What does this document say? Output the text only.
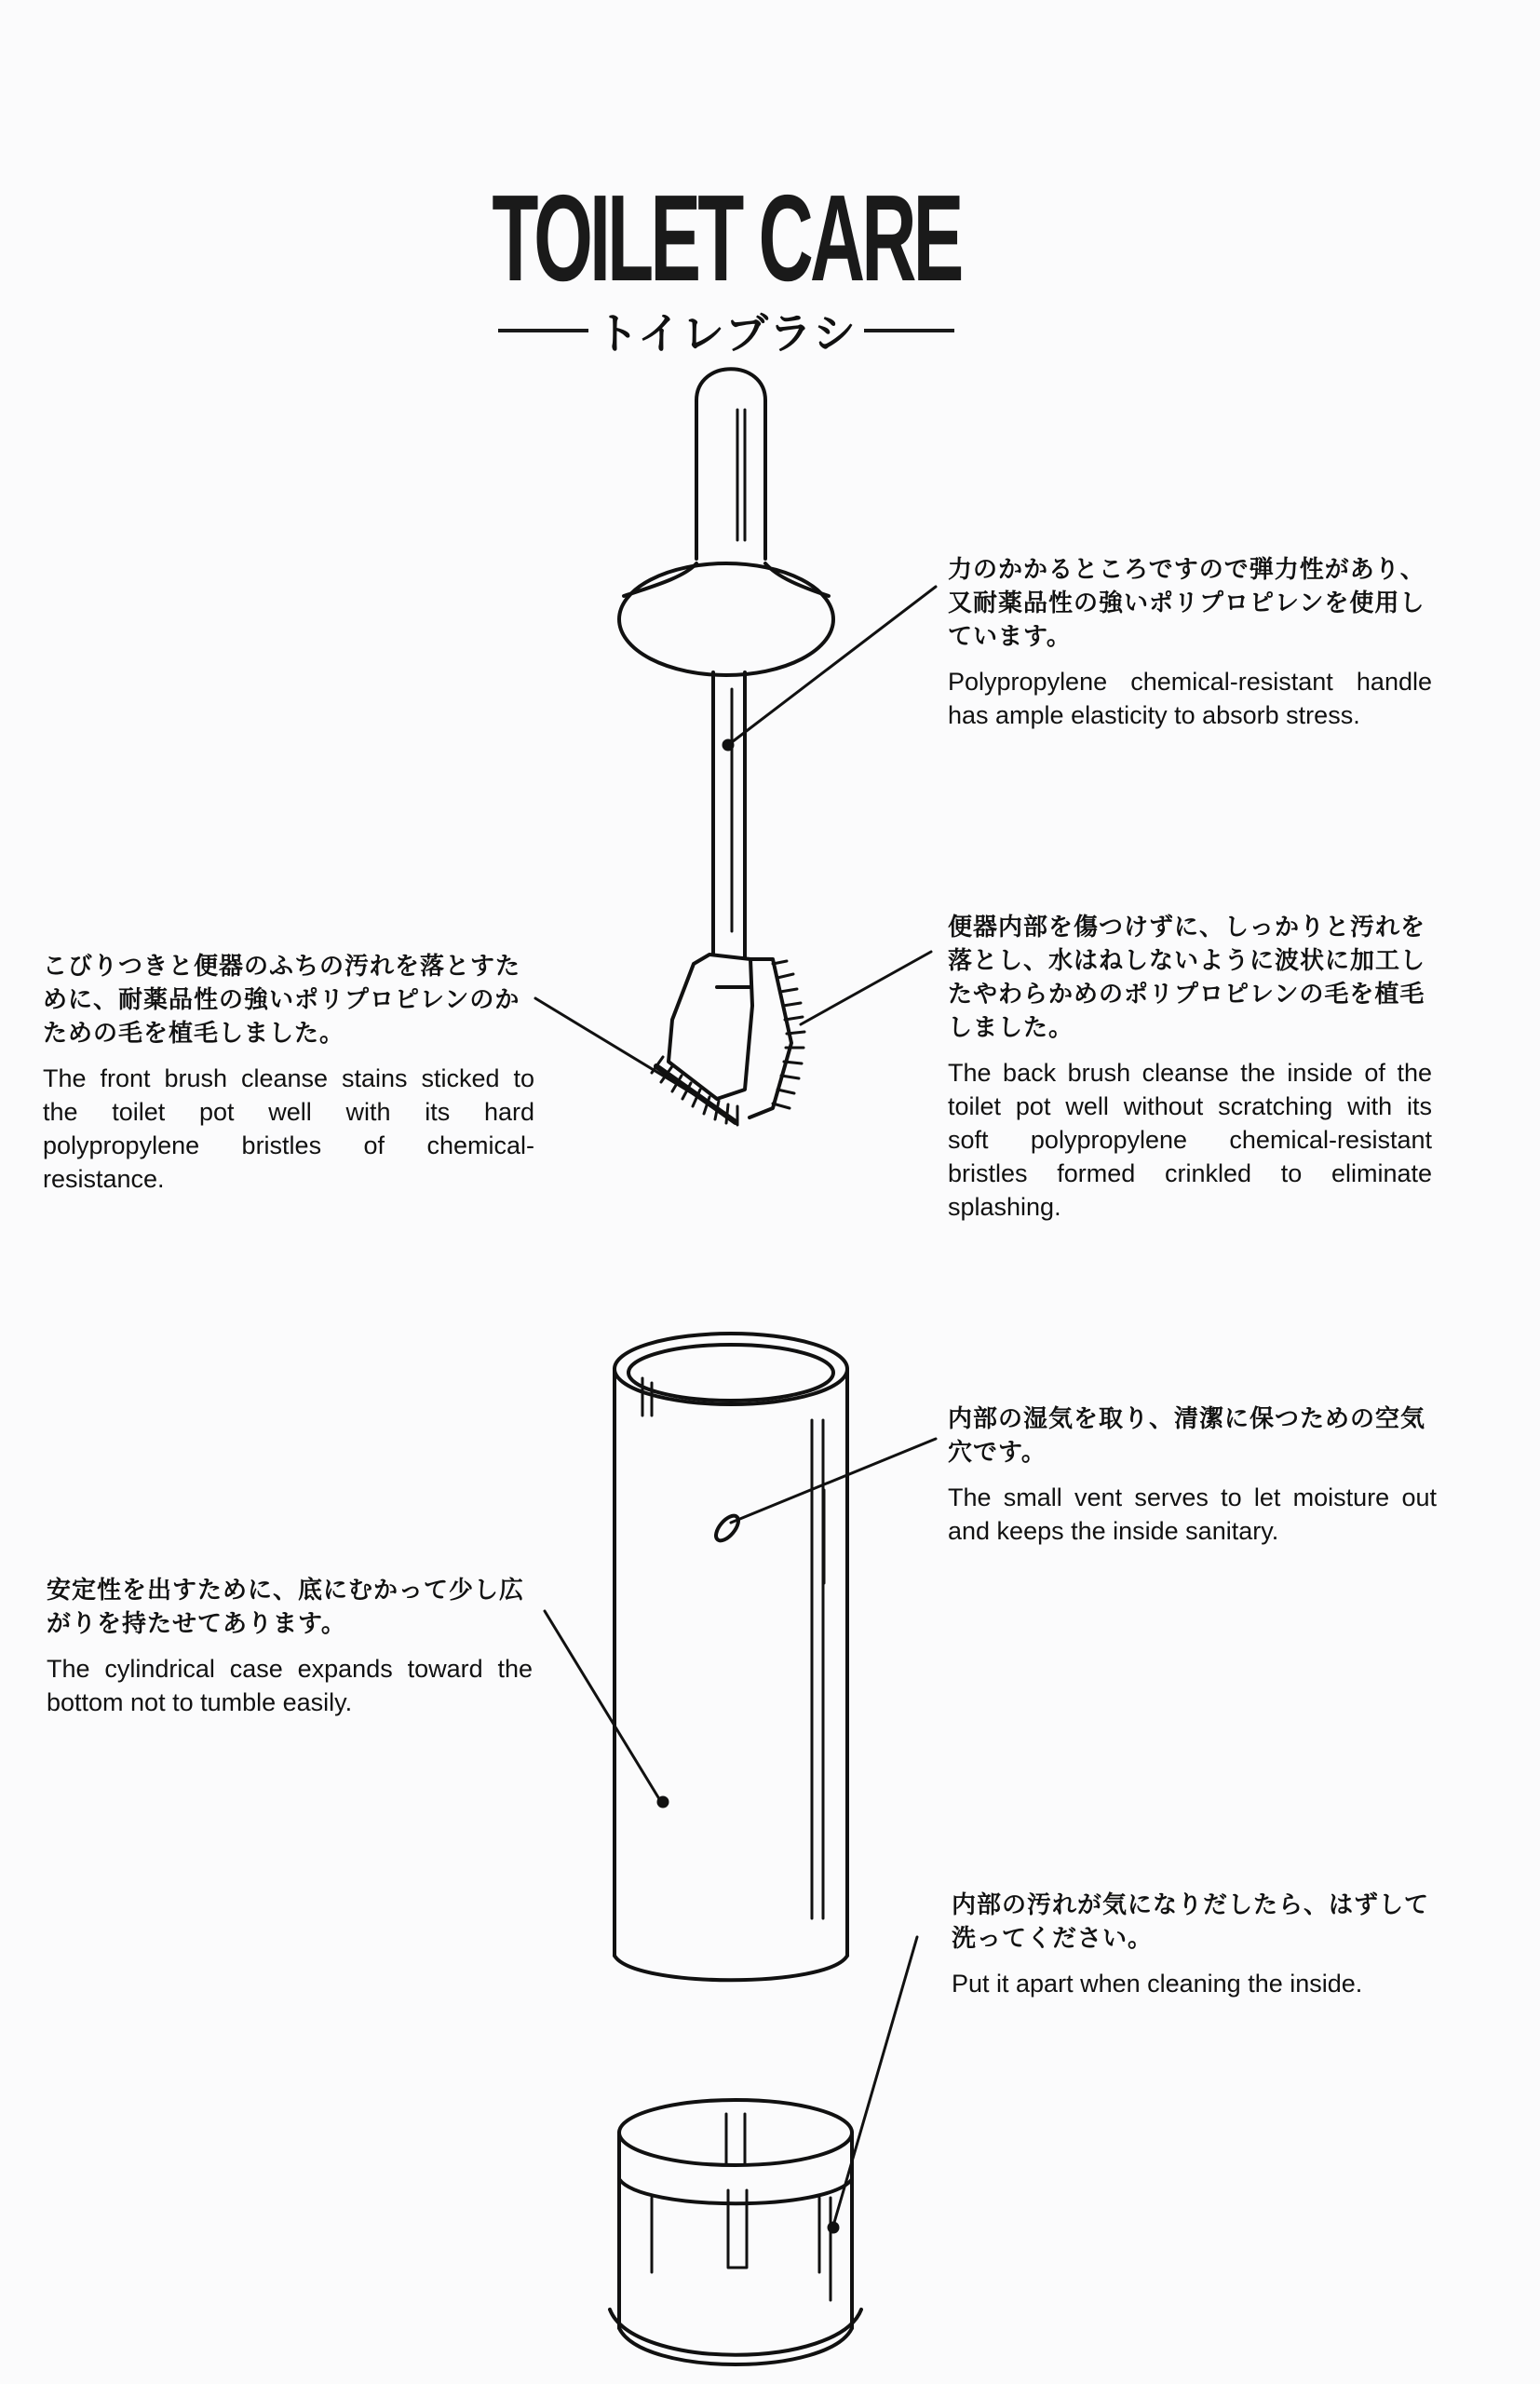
TOILET CARE
トイレブラシ
力のかかるところですので弾力性があり、又耐薬品性の強いポリプロピレンを使用しています。
Polypropylene chemical-resistant handle has ample elasticity to absorb stress.
こびりつきと便器のふちの汚れを落とすために、耐薬品性の強いポリプロピレンのかための毛を植毛しました。
The front brush cleanse stains sticked to the toilet pot well with its hard polypropylene bristles of chemical-resistance.
便器内部を傷つけずに、しっかりと汚れを落とし、水はねしないように波状に加工したやわらかめのポリプロピレンの毛を植毛しました。
The back brush cleanse the inside of the toilet pot well without scratching with its soft polypropylene chemical-resistant bristles formed crinkled to eliminate splashing.
内部の湿気を取り、清潔に保つための空気穴です。
The small vent serves to let moisture out and keeps the inside sanitary.
安定性を出すために、底にむかって少し広がりを持たせてあります。
The cylindrical case expands toward the bottom not to tumble easily.
内部の汚れが気になりだしたら、はずして洗ってください。
Put it apart when cleaning the inside.
